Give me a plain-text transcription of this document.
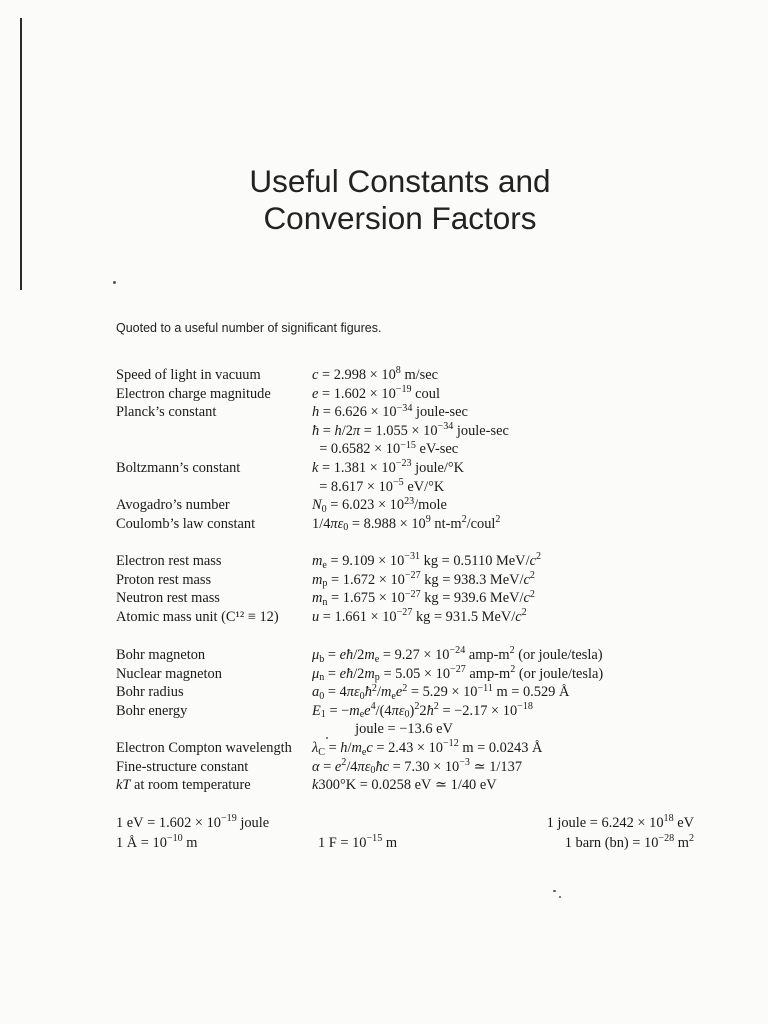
Useful Constants and
Conversion Factors
Quoted to a useful number of significant figures.
Speed of light in vacuum	$c = 2.998 \times 10^8$ m/sec
Electron charge magnitude	$e = 1.602 \times 10^{-19}$ coul
Planck’s constant	$h = 6.626 \times 10^{-34}$ joule-sec
ħ = $h/2\pi = 1.055 \times 10^{-34}$ joule-sec
= $0.6582 \times 10^{-15}$ eV-sec
Boltzmann’s constant	$k = 1.381 \times 10^{-23}$ joule/°K
= $8.617 \times 10^{-5}$ eV/°K
Avogadro’s number	$N_0 = 6.023$ × $10^{23}$/mole
Coulomb’s law constant	$1/4\pi\varepsilon_0 = 8.988 \times 10^9$ $nt-m^2/coul^2$
Electron rest mass	$m_e = 9.109 \times 10^{-31}$ kg = 0.5110 MeV/$c^2$
Proton rest mass	$m_p = 1.672 \times 10^{-27}$ kg = 938.3 MeV/$c^2$
Neutron rest mass	$m_n = 1.675 \times 10^{-27}$ kg = 939.6 MeV/$c^2$
Atomic mass unit (C¹² ≡ 12) $u = 1.661 \times 10^{-27}$ kg = 931.5 MeV/$c^2$
Bohr magneton	$\mu_b$ = $eħ/2m_e = 9.27 \times 10^{-24}$ amp-$m^2$ (or joule/tesla)
Nuclear magneton	$\mu_n$ = $eħ/2m_p = 5.05 \times 10^{-27}$ amp-$m^2$ (or joule/tesla)
Bohr radius	$a_0$ = $4\pi\varepsilon_0ħ^2/m_ee^2 = 5.29 \times 10^{-11}$ m = 0.529 Å
Bohr energy	$E_1$ = $-m_ee^4/(4\pi\varepsilon_0)^22ħ^2 = -2.17 \times 10^{-18}$
joule = −13.6 eV
Electron Compton wavelength $\lambda_C = h/m_ec = 2.43 \times 10^{-12}$ m = 0.0243 Å
Fine-structure constant	$\alpha = e^2/4\pi\varepsilon_0ħc = 7.30 \times 10^{-3}$ ≃ 1/137
kT at room temperature	k300°K = 0.0258 eV ≃ 1/40 eV
1 eV = $1.602 \times 10^{-19}$ joule	1 joule = $6.242 \times 10^{18}$ eV
1 Å = $10^{-10}$ m	1 $F = 10^{-15}$ m	1 barn $(bn) = 10^{-28}$ $m^2$
